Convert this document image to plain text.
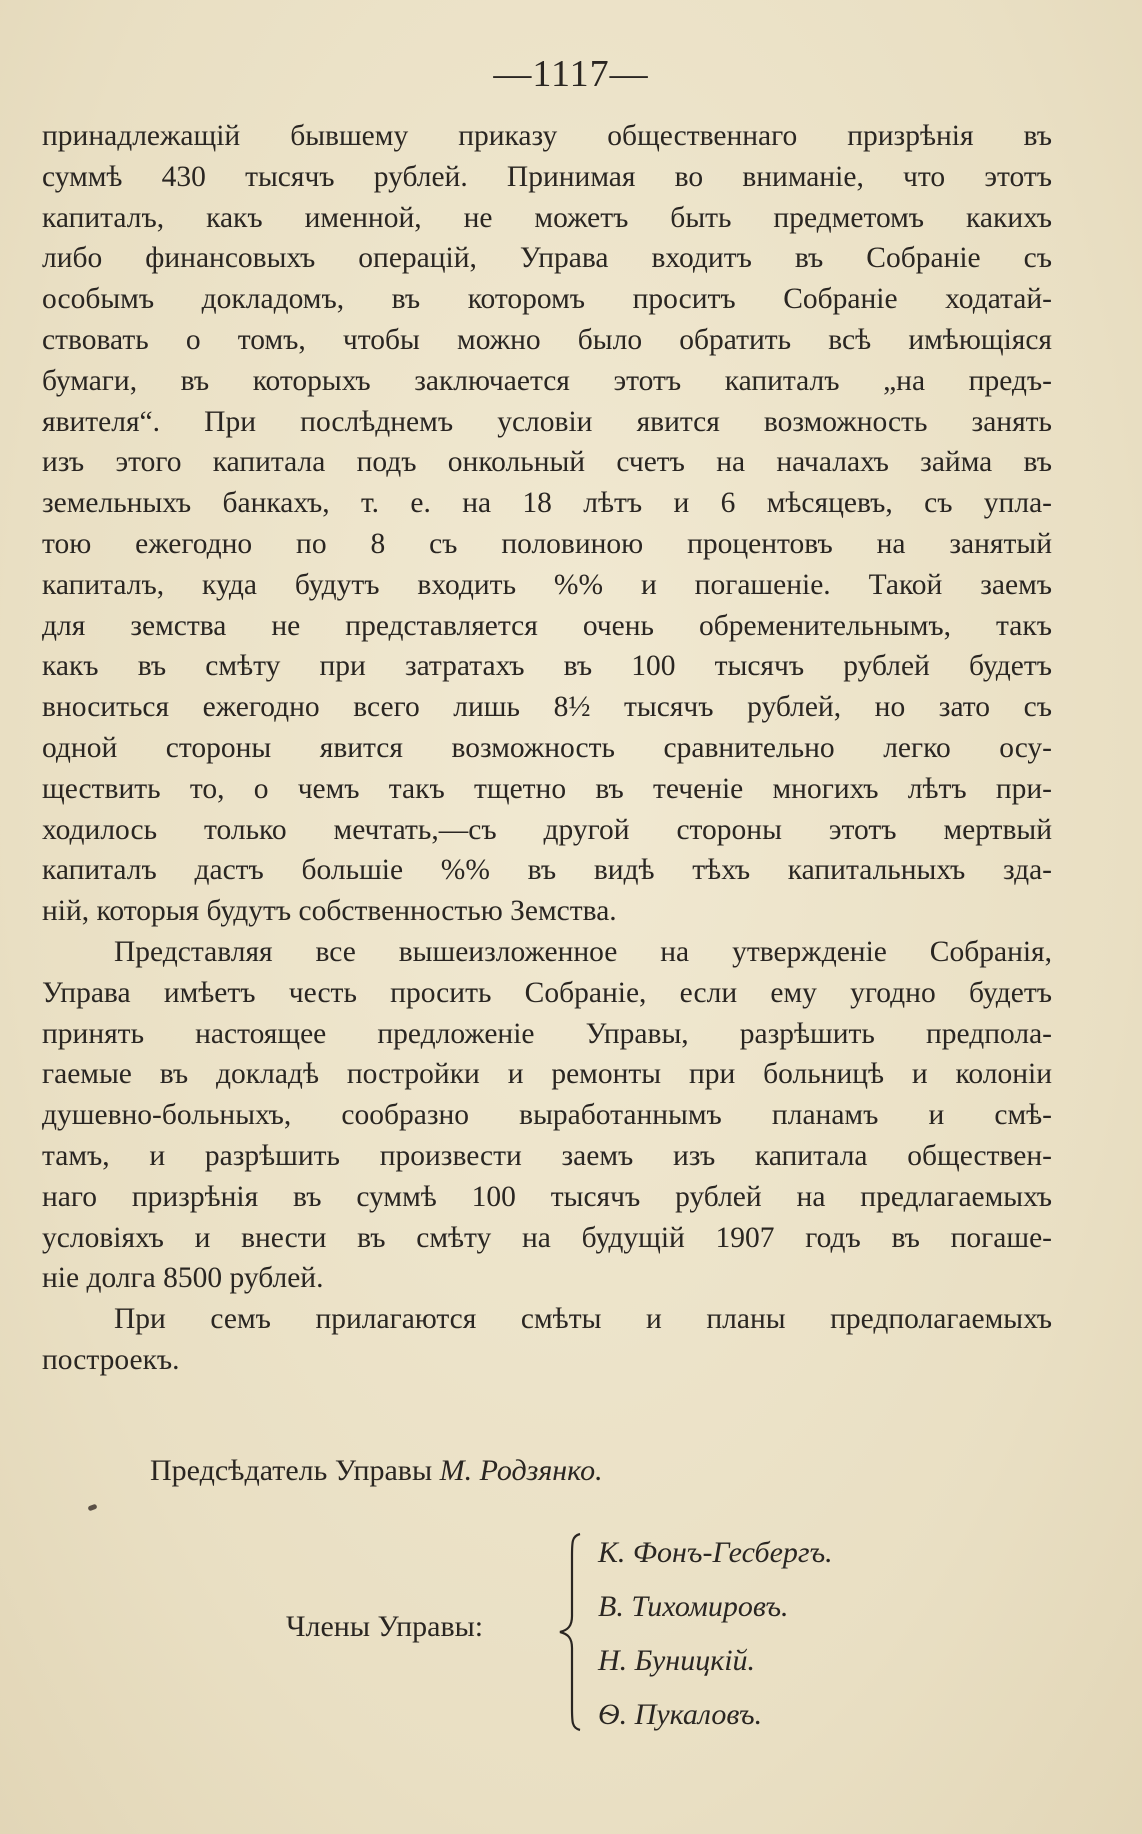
—1117—
принадлежащій бывшему приказу общественнаго призрѣнія въ
суммѣ 430 тысячъ рублей. Принимая во вниманіе, что этотъ
капиталъ, какъ именной, не можетъ быть предметомъ какихъ
либо финансовыхъ операцій, Управа входитъ въ Собраніе съ
особымъ докладомъ, въ которомъ проситъ Собраніе ходатай-
ствовать о томъ, чтобы можно было обратить всѣ имѣющіяся
бумаги, въ которыхъ заключается этотъ капиталъ „на предъ-
явителя“. При послѣднемъ условіи явится возможность занять
изъ этого капитала подъ онкольный счетъ на началахъ займа въ
земельныхъ банкахъ, т. е. на 18 лѣтъ и 6 мѣсяцевъ, съ упла-
тою ежегодно по 8 съ половиною процентовъ на занятый
капиталъ, куда будутъ входить %% и погашеніе. Такой заемъ
для земства не представляется очень обременительнымъ, такъ
какъ въ смѣту при затратахъ въ 100 тысячъ рублей будетъ
вноситься ежегодно всего лишь 8½ тысячъ рублей, но зато съ
одной стороны явится возможность сравнительно легко осу-
ществить то, о чемъ такъ тщетно въ теченіе многихъ лѣтъ при-
ходилось только мечтать,—съ другой стороны этотъ мертвый
капиталъ дастъ большіе %% въ видѣ тѣхъ капитальныхъ зда-
ній, которыя будутъ собственностью Земства.
Представляя все вышеизложенное на утвержденіе Собранія,
Управа имѣетъ честь просить Собраніе, если ему угодно будетъ
принять настоящее предложеніе Управы, разрѣшить предпола-
гаемые въ докладѣ постройки и ремонты при больницѣ и колоніи
душевно-больныхъ, сообразно выработаннымъ планамъ и смѣ-
тамъ, и разрѣшить произвести заемъ изъ капитала обществен-
наго призрѣнія въ суммѣ 100 тысячъ рублей на предлагаемыхъ
условіяхъ и внести въ смѣту на будущій 1907 годъ въ погаше-
ніе долга 8500 рублей.
При семъ прилагаются смѣты и планы предполагаемыхъ
построекъ.
Предсѣдатель Управы М. Родзянко.
Члены Управы:
К. Фонъ-Гесбергъ.
В. Тихомировъ.
Н. Буницкій.
Ѳ. Пукаловъ.
